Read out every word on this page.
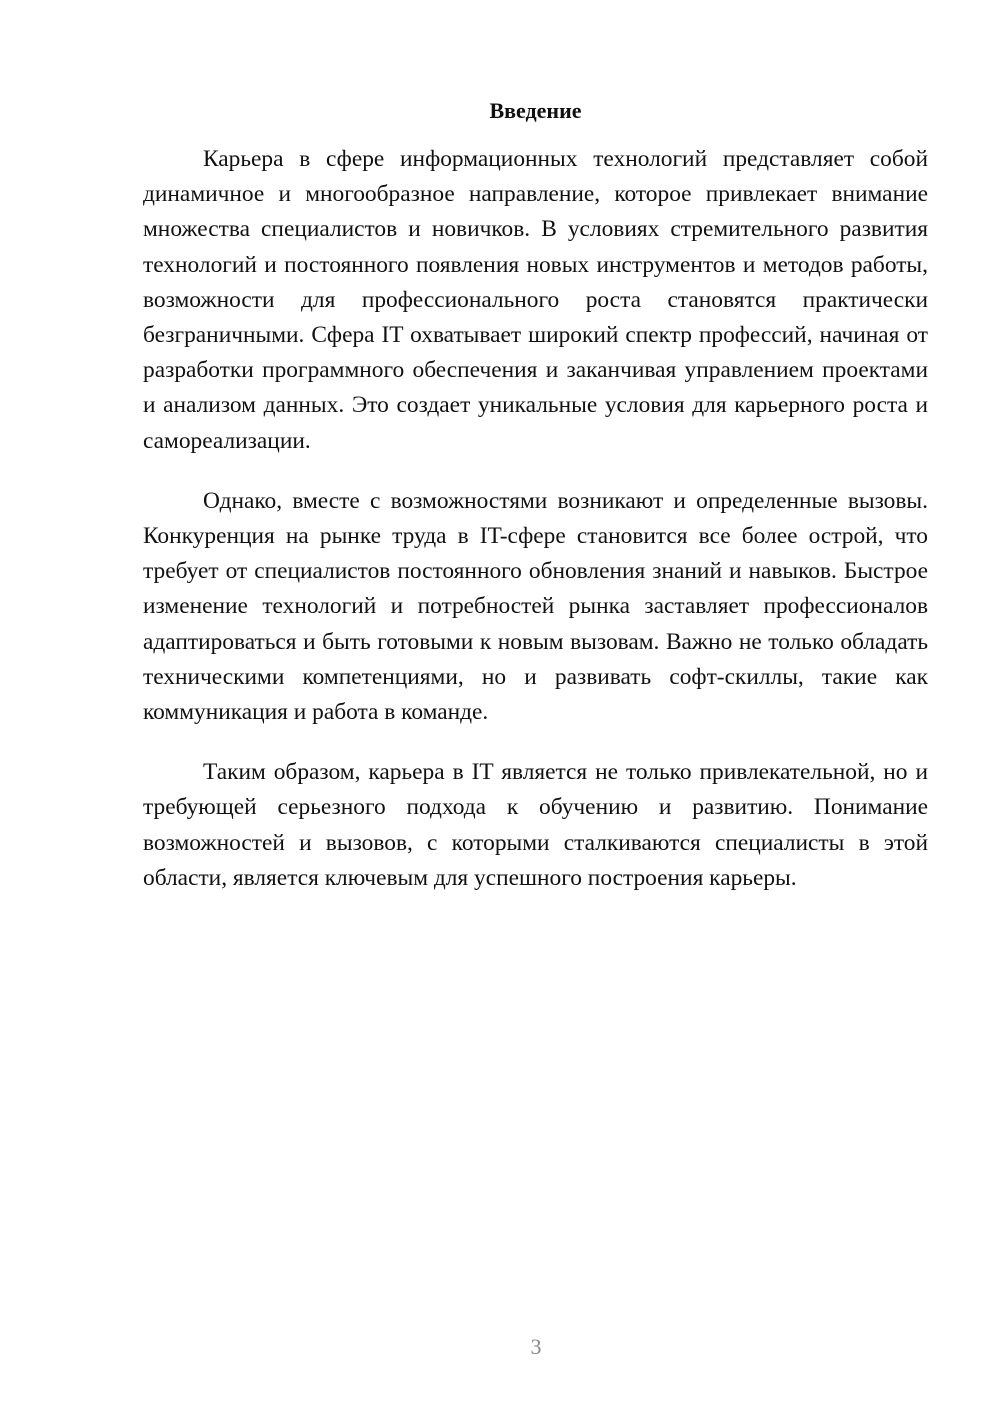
Введение

Карьера в сфере информационных технологий представляет собой динамичное и многообразное направление, которое привлекает внимание множества специалистов и новичков. В условиях стремительного развития технологий и постоянного появления новых инструментов и методов работы, возможности для профессионального роста становятся практически безграничными. Сфера IT охватывает широкий спектр профессий, начиная от разработки программного обеспечения и заканчивая управлением проектами и анализом данных. Это создает уникальные условия для карьерного роста и самореализации.

Однако, вместе с возможностями возникают и определенные вызовы. Конкуренция на рынке труда в IT-сфере становится все более острой, что требует от специалистов постоянного обновления знаний и навыков. Быстрое изменение технологий и потребностей рынка заставляет профессионалов адаптироваться и быть готовыми к новым вызовам. Важно не только обладать техническими компетенциями, но и развивать софт-скиллы, такие как коммуникация и работа в команде.

Таким образом, карьера в IT является не только привлекательной, но и требующей серьезного подхода к обучению и развитию. Понимание возможностей и вызовов, с которыми сталкиваются специалисты в этой области, является ключевым для успешного построения карьеры.

3
